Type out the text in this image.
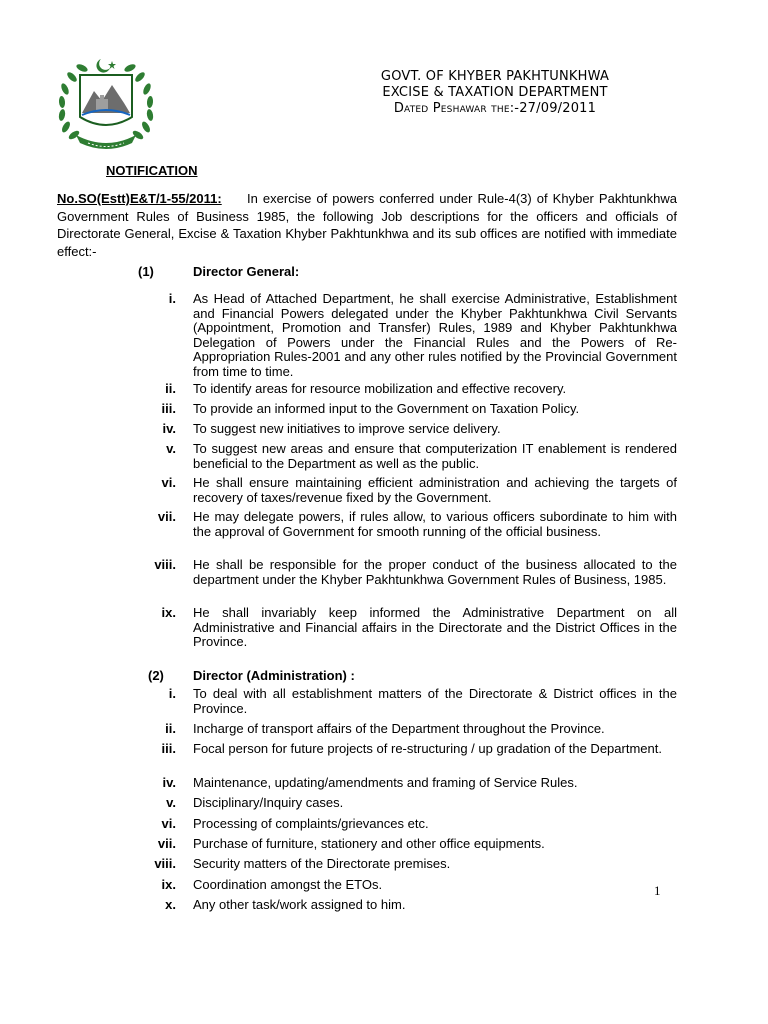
GOVT. OF KHYBER PAKHTUNKHWA
EXCISE & TAXATION DEPARTMENT
Dated Peshawar the:-27/09/2011
NOTIFICATION
No.SO(Estt)E&T/1-55/2011: In exercise of powers conferred under Rule-4(3) of Khyber Pakhtunkhwa Government Rules of Business 1985, the following Job descriptions for the officers and officials of Directorate General, Excise & Taxation Khyber Pakhtunkhwa and its sub offices are notified with immediate effect:-
(1)	Director General:
i. As Head of Attached Department, he shall exercise Administrative, Establishment and Financial Powers delegated under the Khyber Pakhtunkhwa Civil Servants (Appointment, Promotion and Transfer) Rules, 1989 and Khyber Pakhtunkhwa Delegation of Powers under the Financial Rules and the Powers of Re-Appropriation Rules-2001 and any other rules notified by the Provincial Government from time to time.
ii. To identify areas for resource mobilization and effective recovery.
iii. To provide an informed input to the Government on Taxation Policy.
iv. To suggest new initiatives to improve service delivery.
v. To suggest new areas and ensure that computerization IT enablement is rendered beneficial to the Department as well as the public.
vi. He shall ensure maintaining efficient administration and achieving the targets of recovery of taxes/revenue fixed by the Government.
vii. He may delegate powers, if rules allow, to various officers subordinate to him with the approval of Government for smooth running of the official business.
viii. He shall be responsible for the proper conduct of the business allocated to the department under the Khyber Pakhtunkhwa Government Rules of Business, 1985.
ix. He shall invariably keep informed the Administrative Department on all Administrative and Financial affairs in the Directorate and the District Offices in the Province.
(2) Director (Administration) :
i. To deal with all establishment matters of the Directorate & District offices in the Province.
ii. Incharge of transport affairs of the Department throughout the Province.
iii. Focal person for future projects of re-structuring / up gradation of the Department.
iv. Maintenance, updating/amendments and framing of Service Rules.
v. Disciplinary/Inquiry cases.
vi. Processing of complaints/grievances etc.
vii. Purchase of furniture, stationery and other office equipments.
viii. Security matters of the Directorate premises.
ix. Coordination amongst the ETOs.
x. Any other task/work assigned to him.
1
